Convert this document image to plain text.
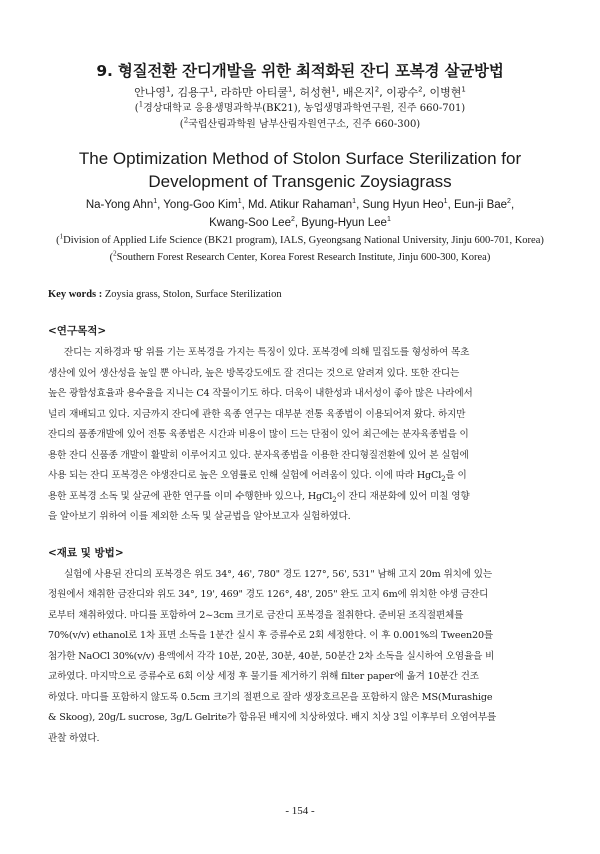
9. 형질전환 잔디개발을 위한 최적화된 잔디 포복경 살균방법
안나영$^1$, 김용구$^1$, 라하만 아티쿨$^1$, 허성현$^1$, 배은지$^2$, 이광수$^2$, 이병현$^1$
($^1$경상대학교 응용생명과학부(BK21), 농업생명과학연구원, 진주 660-701)
($^2$국립산림과학원 남부산림자원연구소, 진주 660-300)
The Optimization Method of Stolon Surface Sterilization for
Development of Transgenic Zoysiagrass
Na-Yong Ahn$^1$, Yong-Goo Kim$^1$, Md. Atikur Rahaman$^1$, Sung Hyun Heo$^1$, Eun-ji Bae$^2$,
Kwang-Soo Lee$^2$, Byung-Hyun Lee$^1$
($^1$Division of Applied Life Science (BK21 program), IALS, Gyeongsang National University, Jinju 600-701, Korea)
($^2$Southern Forest Research Center, Korea Forest Research Institute, Jinju 600-300, Korea)
Key words : Zoysia grass, Stolon, Surface Sterilization
<연구목적>
잔디는 지하경과 땅 위를 기는 포복경을 가지는 특징이 있다. 포복경에 의해 밀집도를 형성하여 목초
생산에 있어 생산성을 높일 뿐 아니라, 높은 방목강도에도 잘 견디는 것으로 알려져 있다. 또한 잔디는
높은 광합성효율과 용수율을 지니는 C4 작물이기도 하다. 더욱이 내한성과 내서성이 좋아 많은 나라에서
널리 재배되고 있다. 지금까지 잔디에 관한 육종 연구는 대부분 전통 육종법이 이용되어져 왔다. 하지만
잔디의 품종개발에 있어 전통 육종법은 시간과 비용이 많이 드는 단점이 있어 최근에는 분자육종법을 이
용한 잔디 신품종 개발이 활발히 이루어지고 있다. 분자육종법을 이용한 잔디형질전환에 있어 본 실험에
사용 되는 잔디 포복경은 야생잔디로 높은 오염률로 인해 실험에 어려움이 있다. 이에 따라 HgCl$_2$을 이
용한 포복경 소독 및 살균에 관한 연구를 이미 수행한바 있으나, HgCl$_2$이 잔디 재분화에 있어 미칠 영향
을 알아보기 위하여 이를 제외한 소독 및 살균법을 알아보고자 실험하였다.
<재료 및 방법>
실험에 사용된 잔디의 포복경은 위도 34°, 46', 780" 경도 127°, 56', 531" 남해 고지 20m 위치에 있는
정원에서 채취한 금잔디와 위도 34°, 19', 469" 경도 126°, 48', 205" 완도 고지 6m에 위치한 야생 금잔디
로부터 채취하였다. 마디를 포함하여 2~3cm 크기로 금잔디 포복경을 절취한다. 준비된 조직절편체를
70%(v/v) ethanol로 1차 표면 소독을 1분간 실시 후 증류수로 2회 세정한다. 이 후 0.001%의 Tween20를
첨가한 NaOCl 30%(v/v) 용액에서 각각 10분, 20분, 30분, 40분, 50분간 2차 소독을 실시하여 오염율을 비
교하였다. 마지막으로 증류수로 6회 이상 세정 후 물기를 제거하기 위해 filter paper에 옮겨 10분간 건조
하였다. 마디를 포함하지 않도록 0.5cm 크기의 절편으로 잘라 생장호르몬을 포함하지 않은 MS(Murashige
& Skoog), 20g/L sucrose, 3g/L Gelrite가 함유된 배지에 치상하였다. 배지 치상 3일 이후부터 오염여부를
관찰 하였다.
- 154 -
